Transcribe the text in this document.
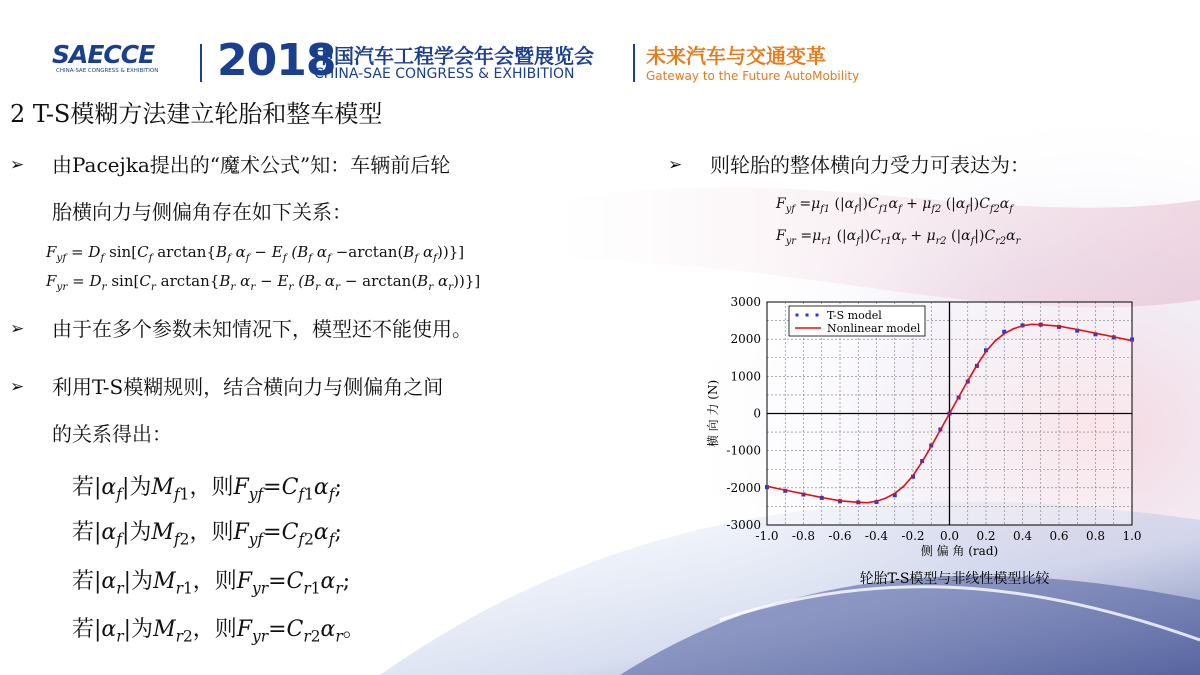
SAECCE
CHINA-SAE CONGRESS & EXHIBITION 2018
中国汽车工程学会年会暨展览会
CHINA-SAE CONGRESS & EXHIBITION
未来汽车与交通变革
Gateway to the Future AutoMobility
2 T-S模糊方法建立轮胎和整车模型
➢ 由Pacejka提出的“魔术公式”知：车辆前后轮
胎横向力与侧偏角存在如下关系：
$F_{yf} = D_f$ $\sin[C_f$ $\arctan\{B_f$ $\alpha_f - E_f$ ($B_f$ $\alpha_f -\arctan(B_f$ $\alpha_f$))}]
$F_{yr} = D_r$ $\sin[C_r$ $\arctan\{B_r$ $\alpha_r - E_r$ ($B_r$ $\alpha_r - \arctan(B_r$ $\alpha_r$))}]
➢ 由于在多个参数未知情况下，模型还不能使用。
➢ 利用T-S模糊规则，结合横向力与侧偏角之间
的关系得出：
若$|\alpha_f|$为$M_{f1}$，则$F_{yf}=C_{f1}\alpha_f$;
若$|\alpha_f|$为$M_{f2}$，则$F_{yf}=C_{f2}\alpha_f$;
若$|\alpha_r|$为$M_{r1}$，则$F_{yr}=C_{r1}\alpha_r$;
若$|\alpha_r|$为$M_{r2}$，则$F_{yr}=C_{r2}\alpha_r$。
➢ 则轮胎的整体横向力受力可表达为：
$F_{yf} =\mu_{f1}$ $(|\alpha_f|)C_{f1}\alpha_f + \mu_{f2}$ $(|\alpha_f|)C_{f2}\alpha_f$
$F_{yr} =\mu_{r1}$ $(|\alpha_f|)C_{r1}\alpha_r + \mu_{r2}$ $(|\alpha_f|)C_{r2}\alpha_r$
-1.0 -0.8 -0.6 -0.4 -0.2 0.0 0.2 0.4 0.6 0.8 1.0
-3000
-2000
-1000
0
1000
2000
3000
T-S model
Nonlinear model
侧 偏 角 (rad)
横 向 力 (N)
轮胎T-S模型与非线性模型比较
